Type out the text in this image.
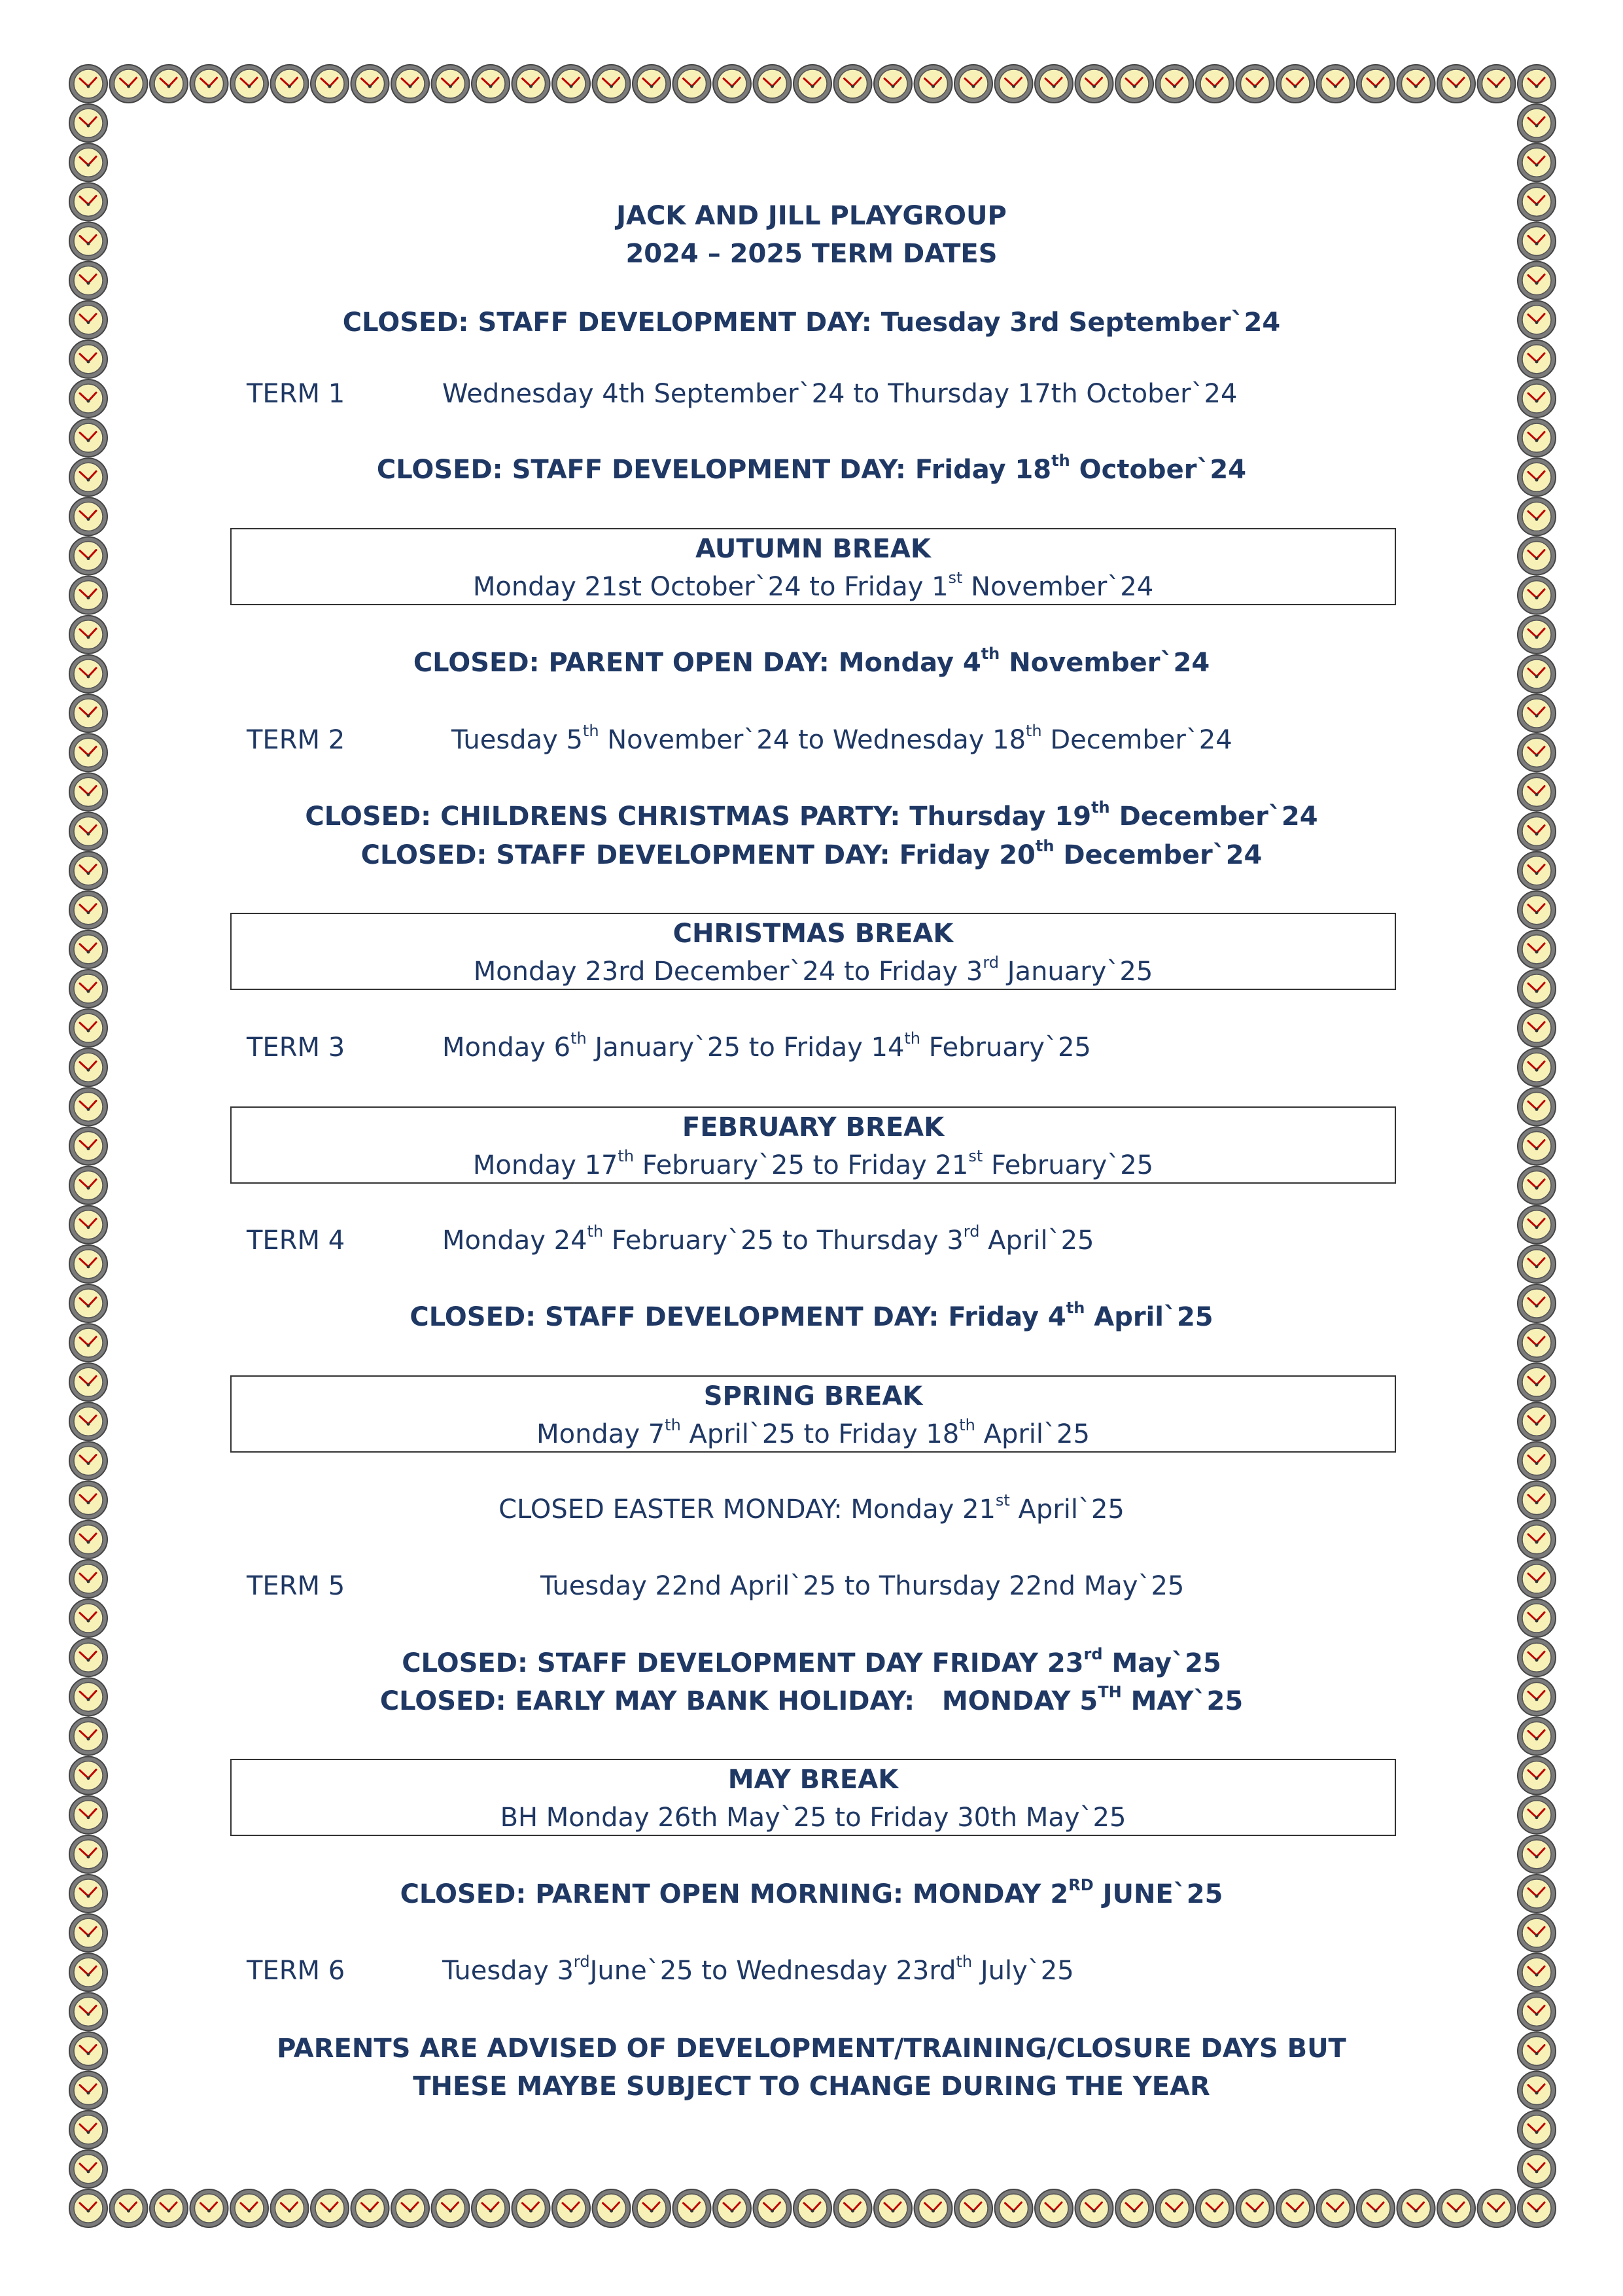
JACK AND JILL PLAYGROUP
2024 – 2025 TERM DATES
CLOSED: STAFF DEVELOPMENT DAY: Tuesday 3rd September`24
TERM 1	Wednesday 4th September`24 to Thursday 17th October`24
CLOSED: STAFF DEVELOPMENT DAY: Friday 18th October`24
AUTUMN BREAK
Monday 21st October`24 to Friday 1st November`24
CLOSED: PARENT OPEN DAY: Monday 4th November`24
TERM 2	Tuesday 5th November`24 to Wednesday 18th December`24
CLOSED: CHILDRENS CHRISTMAS PARTY: Thursday 19th December`24
CLOSED: STAFF DEVELOPMENT DAY: Friday 20th December`24
CHRISTMAS BREAK
Monday 23rd December`24 to Friday 3rd January`25
TERM 3	Monday 6th January`25 to Friday 14th February`25
FEBRUARY BREAK
Monday 17th February`25 to Friday 21st February`25
TERM 4	Monday 24th February`25 to Thursday 3rd April`25
CLOSED: STAFF DEVELOPMENT DAY: Friday 4th April`25
SPRING BREAK
Monday 7th April`25 to Friday 18th April`25
CLOSED EASTER MONDAY: Monday 21st April`25
TERM 5	Tuesday 22nd April`25 to Thursday 22nd May`25
CLOSED: STAFF DEVELOPMENT DAY FRIDAY 23rd May`25
CLOSED: EARLY MAY BANK HOLIDAY:   MONDAY 5TH MAY`25
MAY BREAK
BH Monday 26th May`25 to Friday 30th May`25
CLOSED: PARENT OPEN MORNING: MONDAY 2RD JUNE`25
TERM 6	Tuesday 3rdJune`25 to Wednesday $23rd^{th}$ July`25
PARENTS ARE ADVISED OF DEVELOPMENT/TRAINING/CLOSURE DAYS BUT
THESE MAYBE SUBJECT TO CHANGE DURING THE YEAR
